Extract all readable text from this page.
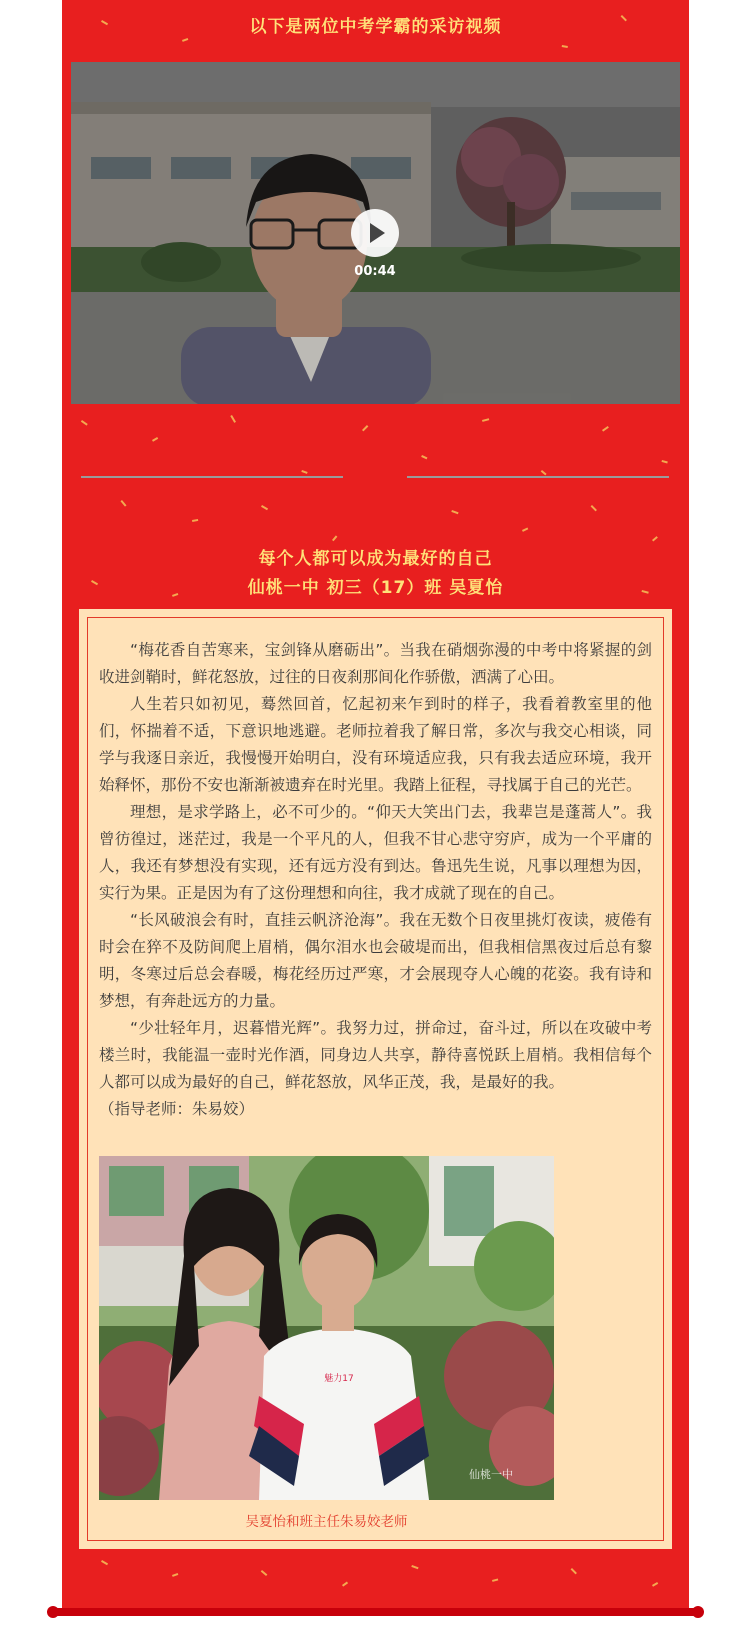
以下是两位中考学霸的采访视频
00:44
每个人都可以成为最好的自己
仙桃一中 初三（17）班 吴夏怡

“梅花香自苦寒来，宝剑锋从磨砺出”。当我在硝烟弥漫的中考中将紧握的剑收进剑鞘时，鲜花怒放，过往的日夜刹那间化作骄傲，洒满了心田。

人生若只如初见，蓦然回首，忆起初来乍到时的样子，我看着教室里的他们，怀揣着不适，下意识地逃避。老师拉着我了解日常，多次与我交心相谈，同学与我逐日亲近，我慢慢开始明白，没有环境适应我，只有我去适应环境，我开始释怀，那份不安也渐渐被遗弃在时光里。我踏上征程，寻找属于自己的光芒。

理想，是求学路上，必不可少的。“仰天大笑出门去，我辈岂是蓬蒿人”。我曾彷徨过，迷茫过，我是一个平凡的人，但我不甘心悲守穷庐，成为一个平庸的人，我还有梦想没有实现，还有远方没有到达。鲁迅先生说，凡事以理想为因，实行为果。正是因为有了这份理想和向往，我才成就了现在的自己。

“长风破浪会有时，直挂云帆济沧海”。我在无数个日夜里挑灯夜读，疲倦有时会在猝不及防间爬上眉梢，偶尔泪水也会破堤而出，但我相信黑夜过后总有黎明，冬寒过后总会春暖，梅花经历过严寒，才会展现夺人心魄的花姿。我有诗和梦想，有奔赴远方的力量。

“少壮轻年月，迟暮惜光辉”。我努力过，拼命过，奋斗过，所以在攻破中考楼兰时，我能温一壶时光作酒，同身边人共享，静待喜悦跃上眉梢。我相信每个人都可以成为最好的自己，鲜花怒放，风华正茂，我，是最好的我。

（指导老师：朱易姣）

魅力17
仙桃一中
吴夏怡和班主任朱易姣老师
